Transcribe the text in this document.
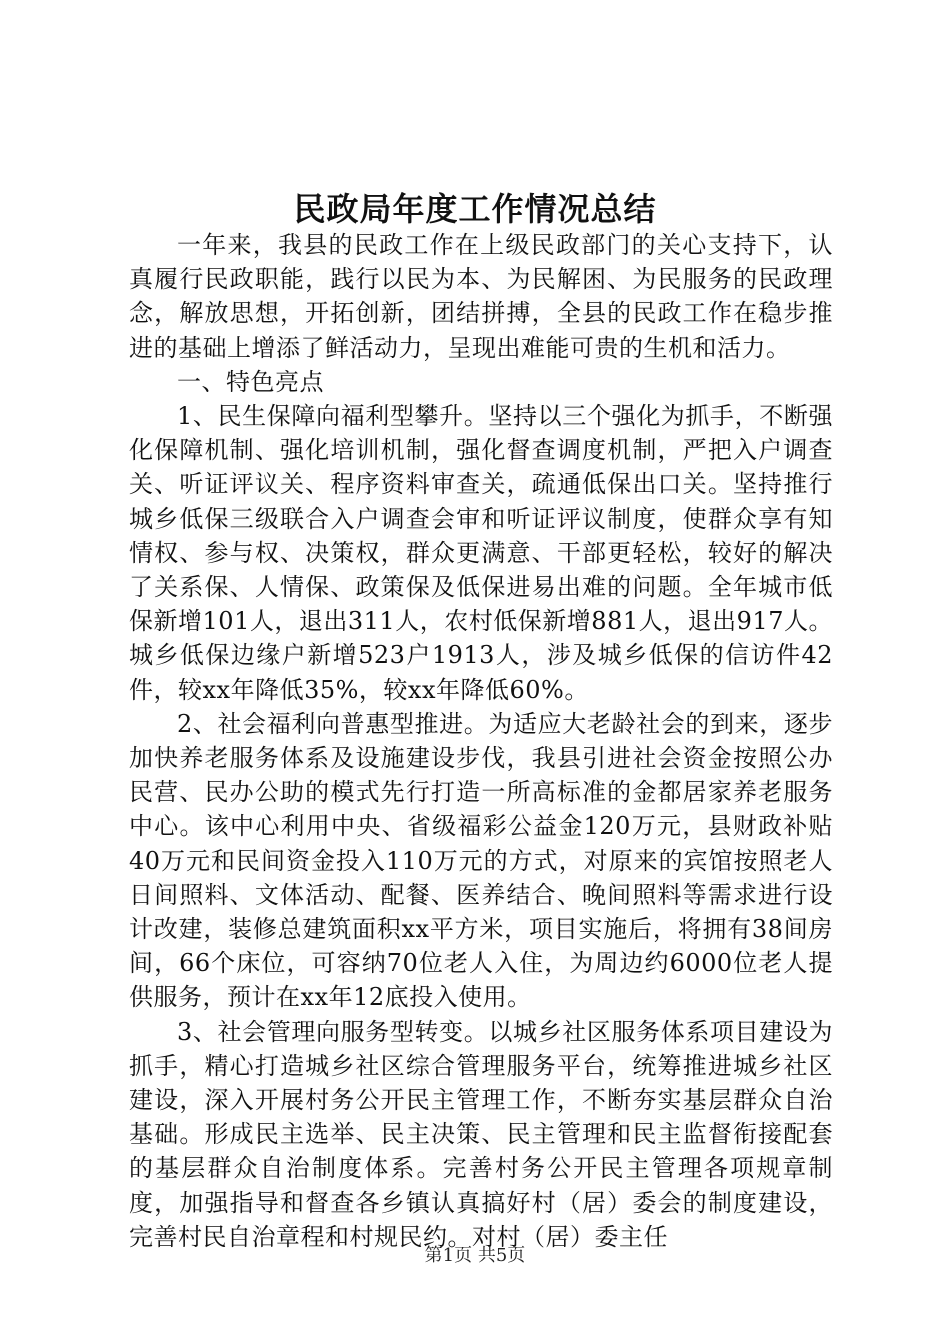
民政局年度工作情况总结

一年来，我县的民政工作在上级民政部门的关心支持下，认真履行民政职能，践行以民为本、为民解困、为民服务的民政理念，解放思想，开拓创新，团结拼搏，全县的民政工作在稳步推进的基础上增添了鲜活动力，呈现出难能可贵的生机和活力。

一、特色亮点

1、民生保障向福利型攀升。坚持以三个强化为抓手，不断强化保障机制、强化培训机制，强化督查调度机制，严把入户调查关、听证评议关、程序资料审查关，疏通低保出口关。坚持推行城乡低保三级联合入户调查会审和听证评议制度，使群众享有知情权、参与权、决策权，群众更满意、干部更轻松，较好的解决了关系保、人情保、政策保及低保进易出难的问题。全年城市低保新增101人，退出311人，农村低保新增881人，退出917人。城乡低保边缘户新增523户1913人，涉及城乡低保的信访件42件，较xx年降低35%，较xx年降低60%。

2、社会福利向普惠型推进。为适应大老龄社会的到来，逐步加快养老服务体系及设施建设步伐，我县引进社会资金按照公办民营、民办公助的模式先行打造一所高标准的金都居家养老服务中心。该中心利用中央、省级福彩公益金120万元，县财政补贴40万元和民间资金投入110万元的方式，对原来的宾馆按照老人日间照料、文体活动、配餐、医养结合、晚间照料等需求进行设计改建，装修总建筑面积xx平方米，项目实施后，将拥有38间房间，66个床位，可容纳70位老人入住，为周边约6000位老人提供服务，预计在xx年12底投入使用。

3、社会管理向服务型转变。以城乡社区服务体系项目建设为抓手，精心打造城乡社区综合管理服务平台，统筹推进城乡社区建设，深入开展村务公开民主管理工作，不断夯实基层群众自治基础。形成民主选举、民主决策、民主管理和民主监督衔接配套的基层群众自治制度体系。完善村务公开民主管理各项规章制度，加强指导和督查各乡镇认真搞好村（居）委会的制度建设，完善村民自治章程和村规民约。对村（居）委主任

第1页 共5页
